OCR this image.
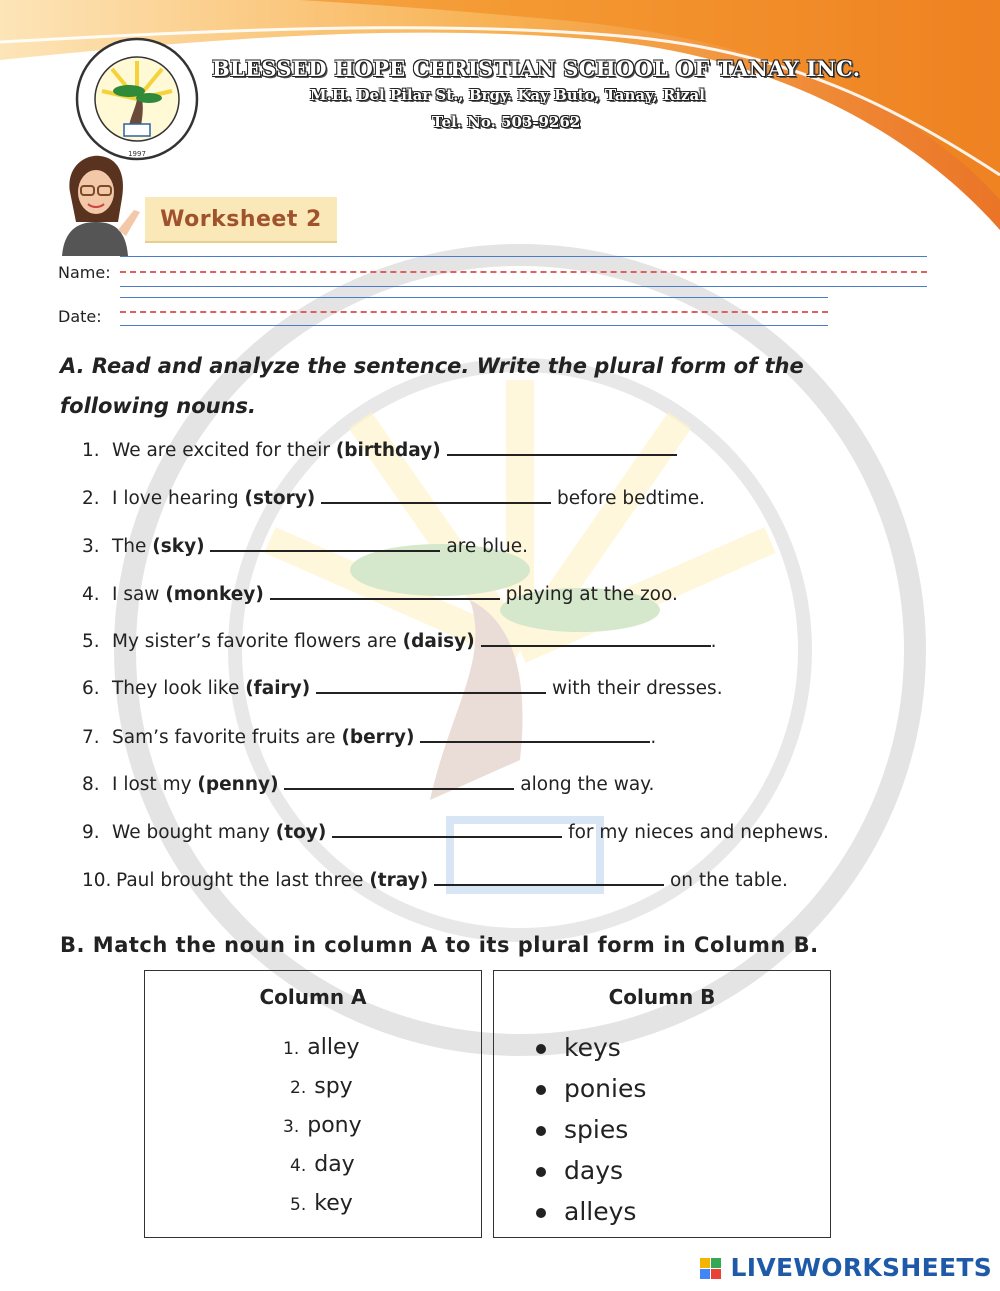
1997
BLESSED HOPE CHRISTIAN SCHOOL OF TANAY INC.
M.H. Del Pilar St., Brgy. Kay Buto, Tanay, Rizal
Tel. No. 503-9262
Worksheet 2
Name:
Date:
A. Read and analyze the sentence. Write the plural form of the
following nouns.
1. We are excited for their (birthday)
2. I love hearing (story)	before bedtime.
3. The (sky)	are blue.
4. I saw (monkey)	playing at the zoo.
5. My sister’s favorite flowers are (daisy)	.
6. They look like (fairy)	with their dresses.
7. Sam’s favorite fruits are (berry)	.
8. I lost my (penny)	along the way.
9. We bought many (toy)	for my nieces and nephews.
10. Paul brought the last three (tray)	on the table.
B. Match the noun in column A to its plural form in Column B.
Column A
1. alley
2. spy
3. pony
4. day
5. key
Column B
keys
ponies
spies
days
alleys
LIVEWORKSHEETS
